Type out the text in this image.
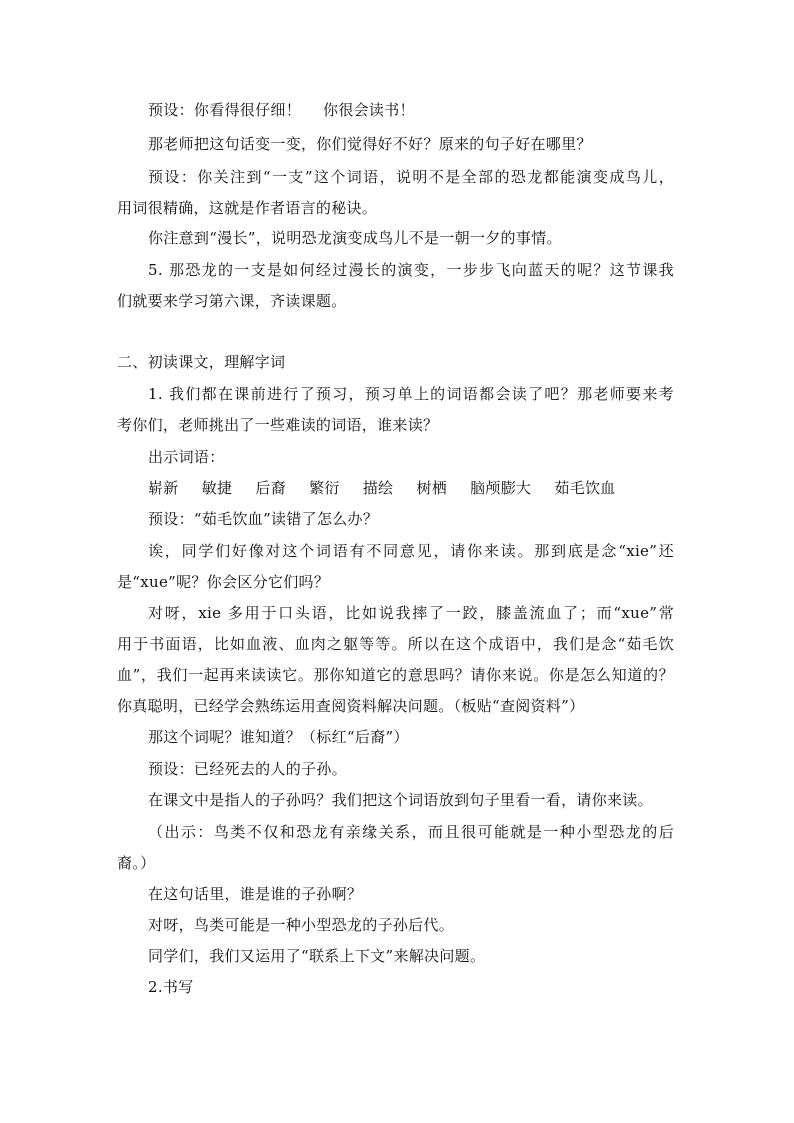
预设：你看得很仔细！ 你很会读书！
那老师把这句话变一变，你们觉得好不好？原来的句子好在哪里？
预设：你关注到“一支”这个词语，说明不是全部的恐龙都能演变成鸟儿，
用词很精确，这就是作者语言的秘诀。
你注意到“漫长”，说明恐龙演变成鸟儿不是一朝一夕的事情。
5. 那恐龙的一支是如何经过漫长的演变，一步步飞向蓝天的呢？这节课我
们就要来学习第六课，齐读课题。
二、初读课文，理解字词
1. 我们都在课前进行了预习，预习单上的词语都会读了吧？那老师要来考
考你们，老师挑出了一些难读的词语，谁来读？
出示词语：
崭新 敏捷 后裔 繁衍 描绘 树栖 脑颅膨大 茹毛饮血
预设：“茹毛饮血”读错了怎么办？
诶，同学们好像对这个词语有不同意见，请你来读。那到底是念“xie”还
是“xue”呢？你会区分它们吗？
对呀，xie 多用于口头语，比如说我摔了一跤，膝盖流血了；而“xue”常
用于书面语，比如血液、血肉之躯等等。所以在这个成语中，我们是念“茹毛饮
血”，我们一起再来读读它。那你知道它的意思吗？请你来说。你是怎么知道的？
你真聪明，已经学会熟练运用查阅资料解决问题。（板贴“查阅资料”）
那这个词呢？谁知道？（标红“后裔”）
预设：已经死去的人的子孙。
在课文中是指人的子孙吗？我们把这个词语放到句子里看一看，请你来读。
（出示：鸟类不仅和恐龙有亲缘关系，而且很可能就是一种小型恐龙的后
裔。）
在这句话里，谁是谁的子孙啊？
对呀，鸟类可能是一种小型恐龙的子孙后代。
同学们，我们又运用了“联系上下文”来解决问题。
2.书写
